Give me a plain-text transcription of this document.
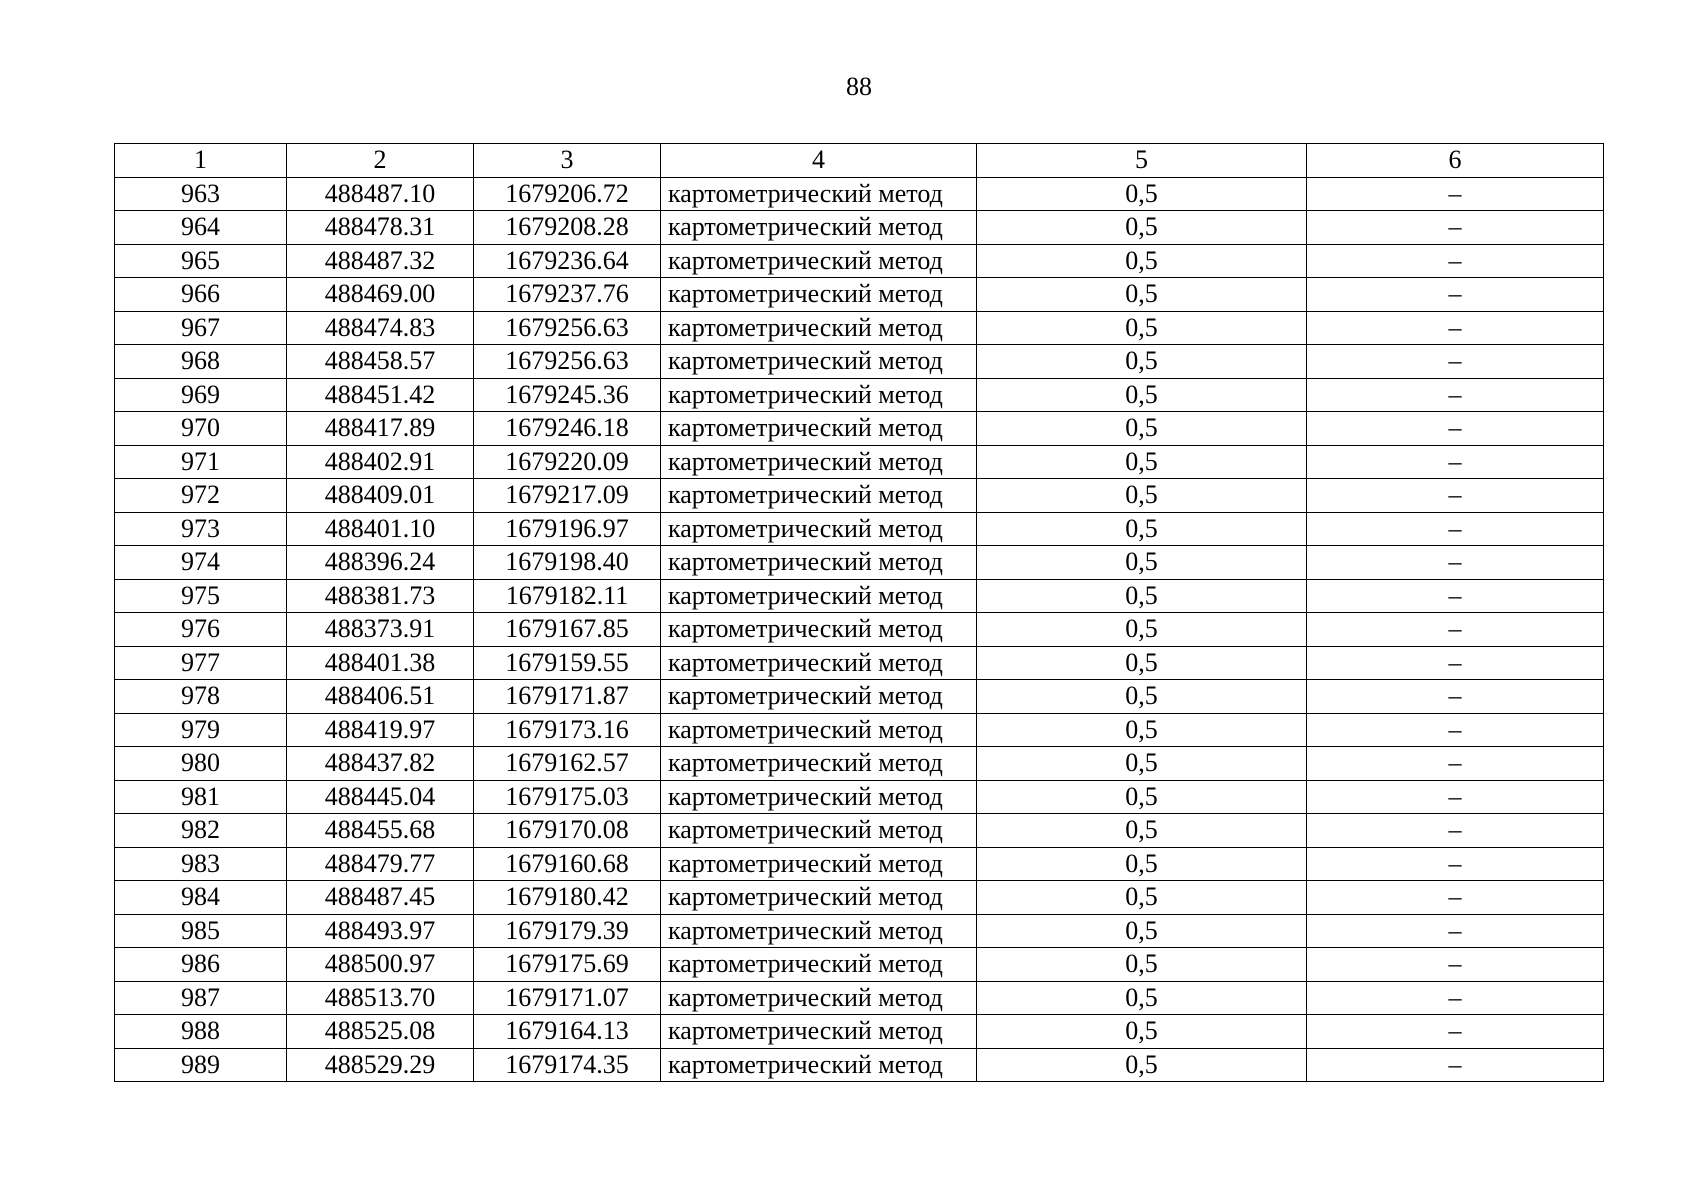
88
1	2	3	4	5	6
963	488487.10	1679206.72	картометрический метод	0,5	–
964	488478.31	1679208.28	картометрический метод	0,5	–
965	488487.32	1679236.64	картометрический метод	0,5	–
966	488469.00	1679237.76	картометрический метод	0,5	–
967	488474.83	1679256.63	картометрический метод	0,5	–
968	488458.57	1679256.63	картометрический метод	0,5	–
969	488451.42	1679245.36	картометрический метод	0,5	–
970	488417.89	1679246.18	картометрический метод	0,5	–
971	488402.91	1679220.09	картометрический метод	0,5	–
972	488409.01	1679217.09	картометрический метод	0,5	–
973	488401.10	1679196.97	картометрический метод	0,5	–
974	488396.24	1679198.40	картометрический метод	0,5	–
975	488381.73	1679182.11	картометрический метод	0,5	–
976	488373.91	1679167.85	картометрический метод	0,5	–
977	488401.38	1679159.55	картометрический метод	0,5	–
978	488406.51	1679171.87	картометрический метод	0,5	–
979	488419.97	1679173.16	картометрический метод	0,5	–
980	488437.82	1679162.57	картометрический метод	0,5	–
981	488445.04	1679175.03	картометрический метод	0,5	–
982	488455.68	1679170.08	картометрический метод	0,5	–
983	488479.77	1679160.68	картометрический метод	0,5	–
984	488487.45	1679180.42	картометрический метод	0,5	–
985	488493.97	1679179.39	картометрический метод	0,5	–
986	488500.97	1679175.69	картометрический метод	0,5	–
987	488513.70	1679171.07	картометрический метод	0,5	–
988	488525.08	1679164.13	картометрический метод	0,5	–
989	488529.29	1679174.35	картометрический метод	0,5	–
